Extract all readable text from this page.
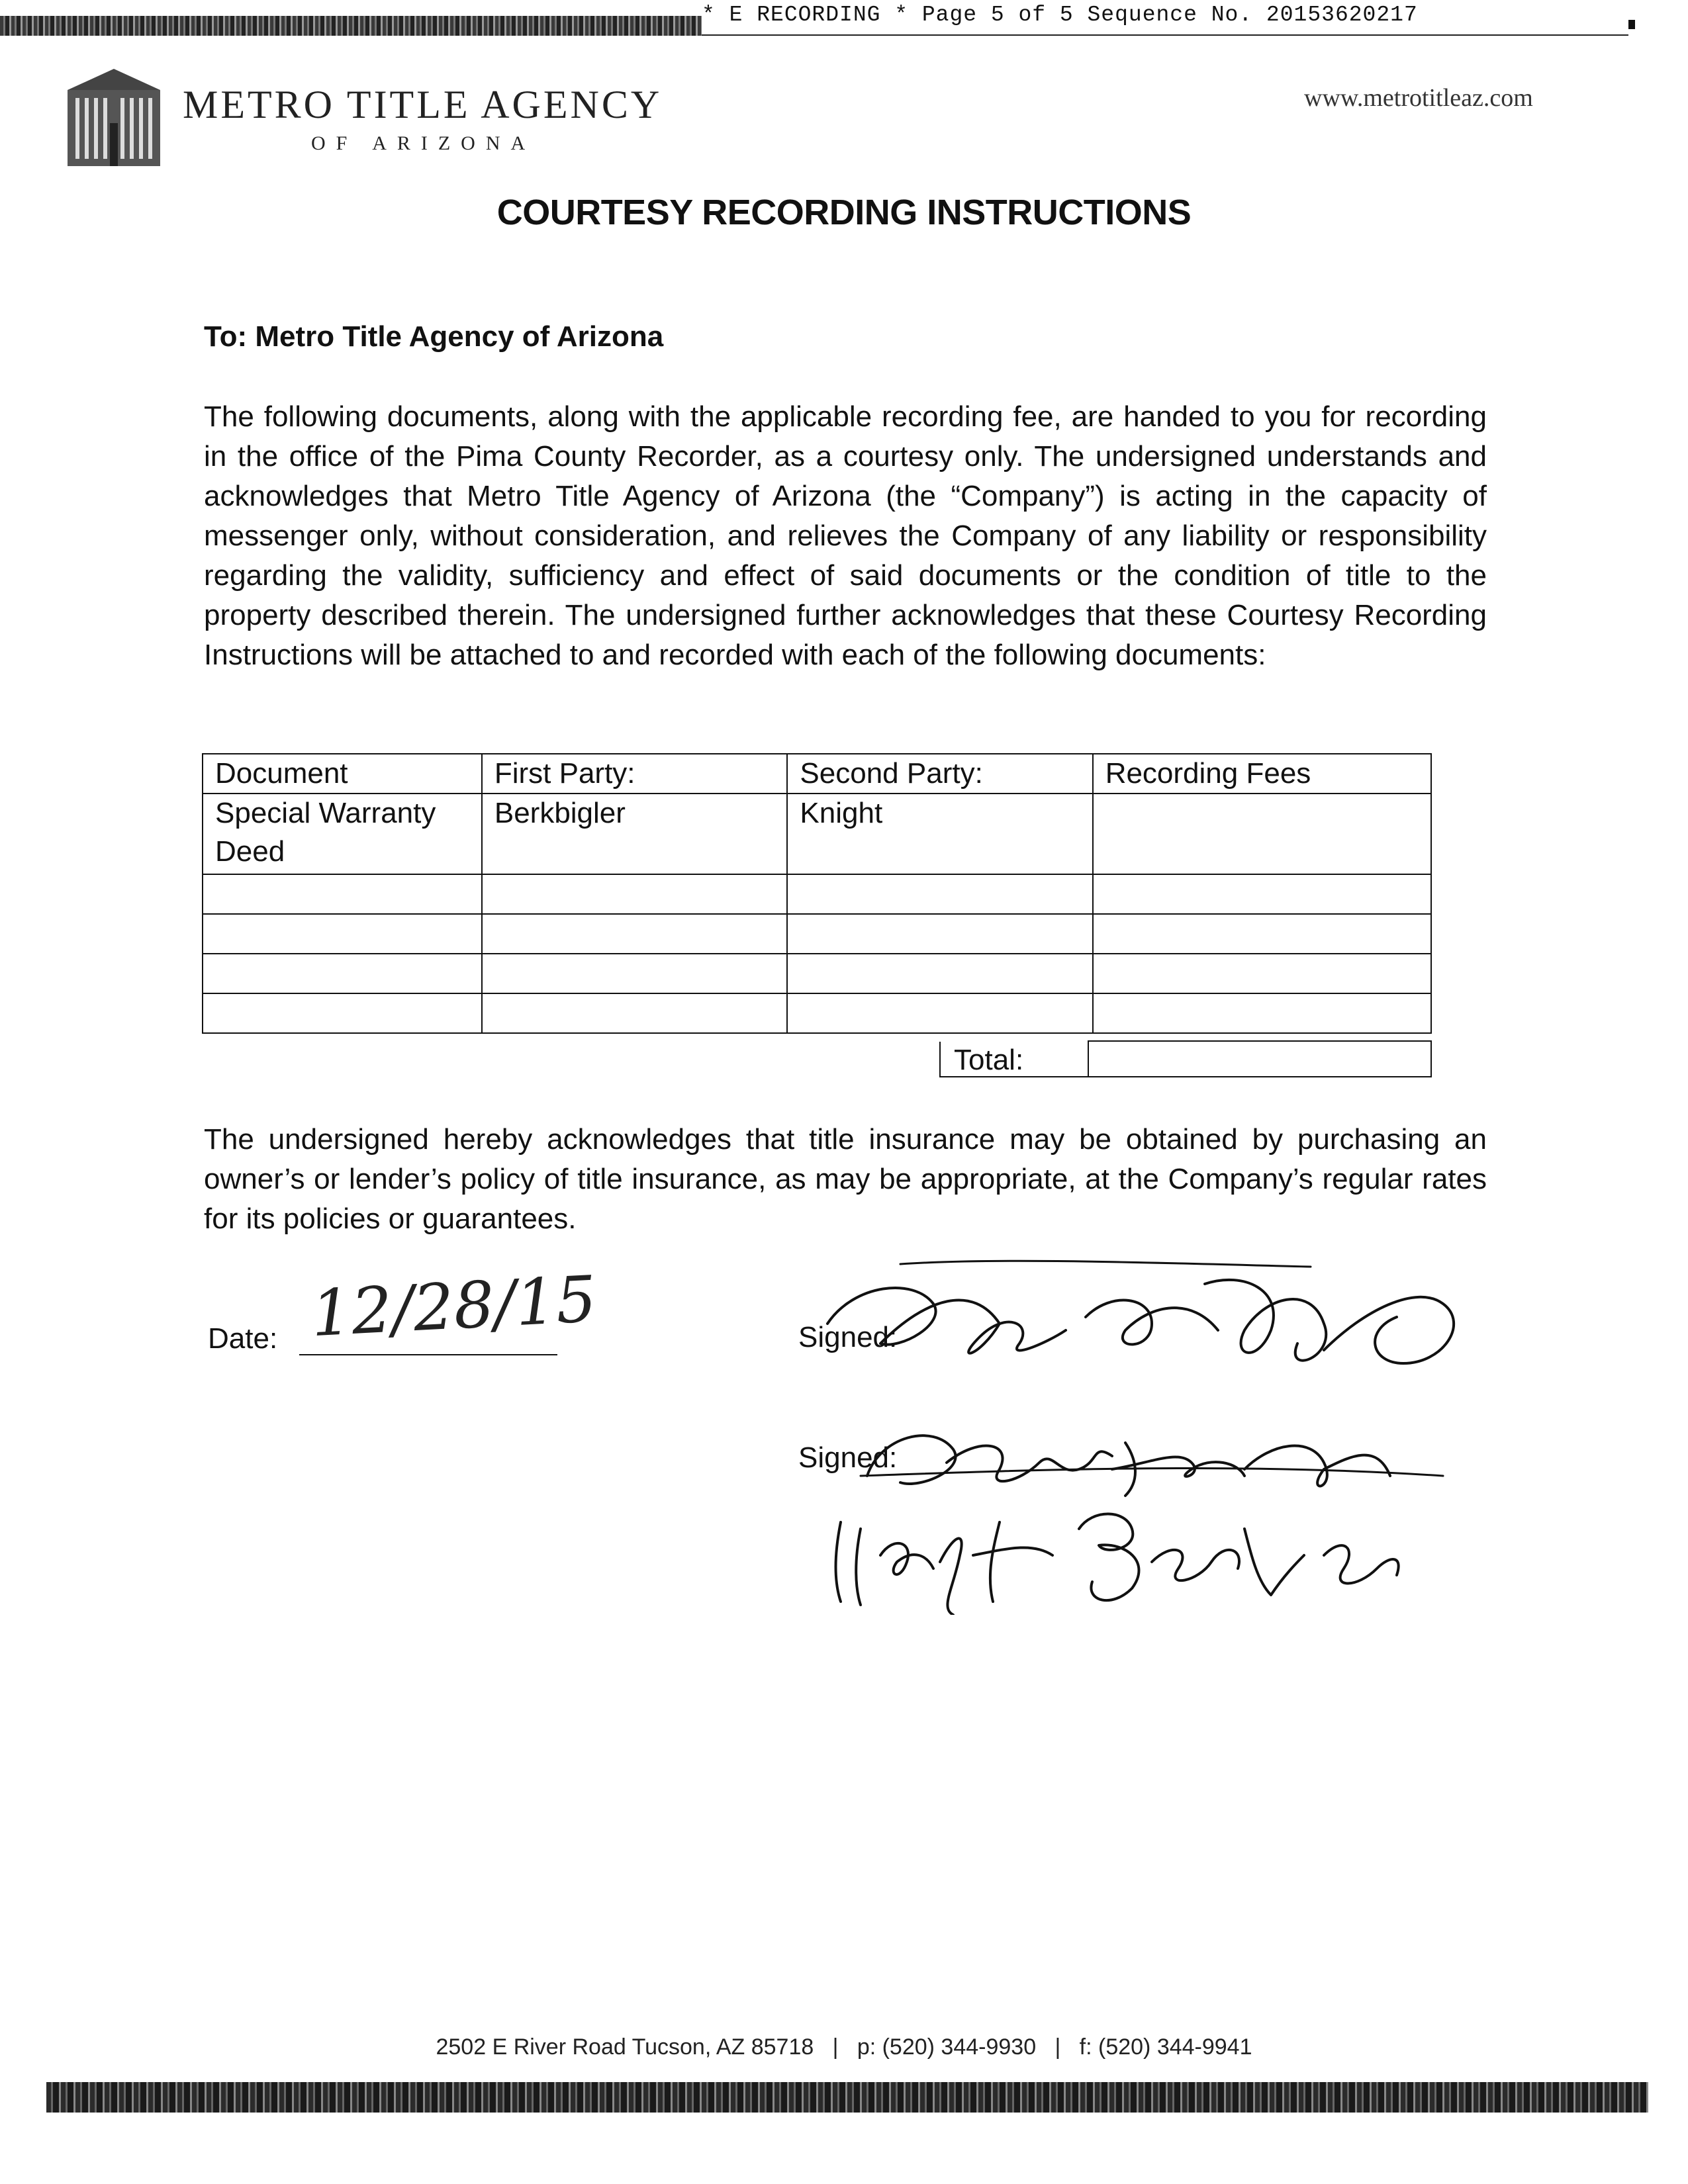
* E RECORDING * Page 5 of 5 Sequence No. 20153620217
METRO TITLE AGENCY
OF ARIZONA
www.metrotitleaz.com
COURTESY RECORDING INSTRUCTIONS
To: Metro Title Agency of Arizona
The following documents, along with the applicable recording fee, are handed to you for recording in the office of the Pima County Recorder, as a courtesy only. The undersigned understands and acknowledges that Metro Title Agency of Arizona (the “Company”) is acting in the capacity of messenger only, without consideration, and relieves the Company of any liability or responsibility regarding the validity, sufficiency and effect of said documents or the condition of title to the property described therein. The undersigned further acknowledges that these Courtesy Recording Instructions will be attached to and recorded with each of the following documents:
Document	First Party:	Second Party:	Recording Fees
Special Warranty Deed	Berkbigler	Knight	

Total:
The undersigned hereby acknowledges that title insurance may be obtained by purchasing an owner’s or lender’s policy of title insurance, as may be appropriate, at the Company’s regular rates for its policies or guarantees.
Date: 12/28/15	Signed:
Signed:
2502 E River Road Tucson, AZ 85718 | p: (520) 344-9930 | f: (520) 344-9941
